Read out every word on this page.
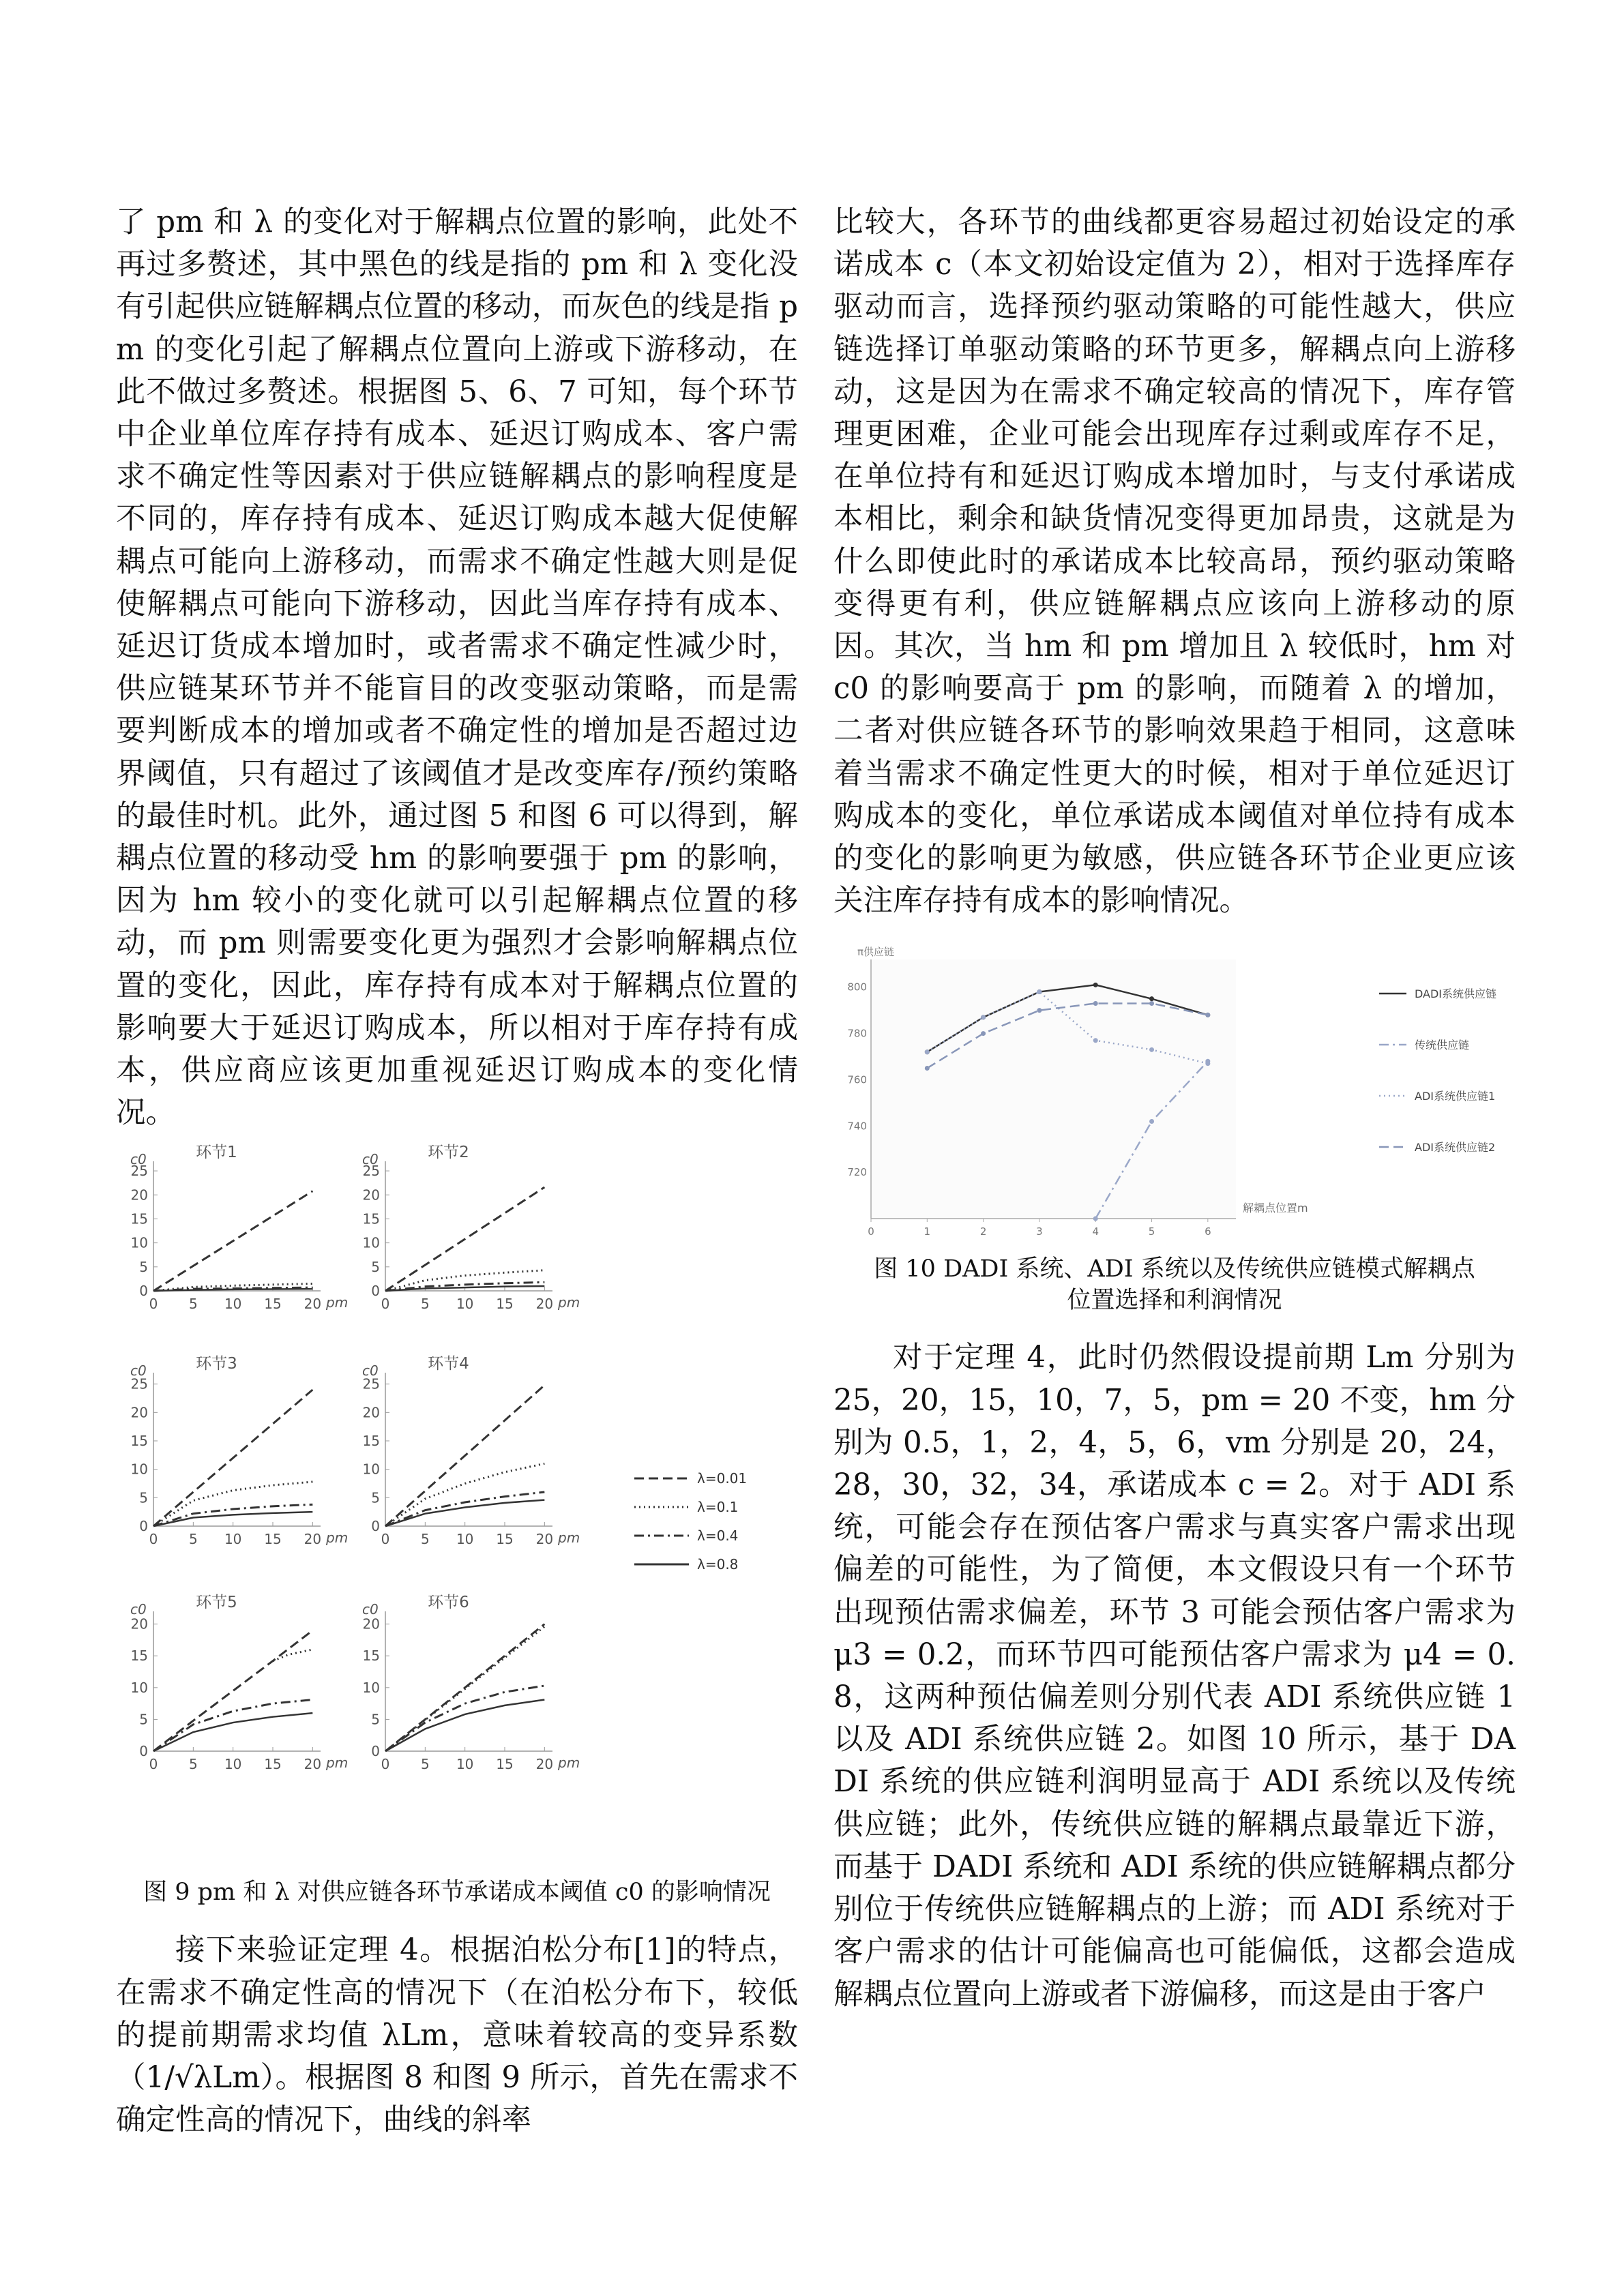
了 pm 和 λ 的变化对于解耦点位置的影响，此处不再过多赘述，其中黑色的线是指的 pm 和 λ 变化没有引起供应链解耦点位置的移动，而灰色的线是指 pm 的变化引起了解耦点位置向上游或下游移动，在此不做过多赘述。根据图 5、6、7 可知，每个环节中企业单位库存持有成本、延迟订购成本、客户需求不确定性等因素对于供应链解耦点的影响程度是不同的，库存持有成本、延迟订购成本越大促使解耦点可能向上游移动，而需求不确定性越大则是促使解耦点可能向下游移动，因此当库存持有成本、延迟订货成本增加时，或者需求不确定性减少时，供应链某环节并不能盲目的改变驱动策略，而是需要判断成本的增加或者不确定性的增加是否超过边界阈值，只有超过了该阈值才是改变库存/预约策略的最佳时机。此外，通过图 5 和图 6 可以得到，解耦点位置的移动受 hm 的影响要强于 pm 的影响，因为 hm 较小的变化就可以引起解耦点位置的移动，而 pm 则需要变化更为强烈才会影响解耦点位置的变化，因此，库存持有成本对于解耦点位置的影响要大于延迟订购成本，所以相对于库存持有成本，供应商应该更加重视延迟订购成本的变化情况。

环节1
c0
pm
0
5
10
15
20
25
0 5 10 15 20
环节2
c0
pm
0
5
10
15
20
25
0 5 10 15 20
环节3
c0
pm
0
5
10
15
20
25
0 5 10 15 20
环节4
c0
pm
0
5
10
15
20
25
0 5 10 15 20
环节5
c0
pm
0
5
10
15
20
0 5 10 15 20
环节6
c0
pm
0
5
10
15
20
0 5 10 15 20
λ=0.01
λ=0.1
λ=0.4
λ=0.8

图 9 pm 和 λ 对供应链各环节承诺成本阈值 c0 的影响情况

接下来验证定理 4。根据泊松分布[1]的特点，在需求不确定性高的情况下（在泊松分布下，较低的提前期需求均值 λLm，意味着较高的变异系数（1/√λLm）。根据图 8 和图 9 所示，首先在需求不确定性高的情况下，曲线的斜率

比较大，各环节的曲线都更容易超过初始设定的承诺成本 c（本文初始设定值为 2），相对于选择库存驱动而言，选择预约驱动策略的可能性越大，供应链选择订单驱动策略的环节更多，解耦点向上游移动，这是因为在需求不确定较高的情况下，库存管理更困难，企业可能会出现库存过剩或库存不足，在单位持有和延迟订购成本增加时，与支付承诺成本相比，剩余和缺货情况变得更加昂贵，这就是为什么即使此时的承诺成本比较高昂，预约驱动策略变得更有利，供应链解耦点应该向上游移动的原因。其次，当 hm 和 pm 增加且 λ 较低时，hm 对 c0 的影响要高于 pm 的影响，而随着 λ 的增加，二者对供应链各环节的影响效果趋于相同，这意味着当需求不确定性更大的时候，相对于单位延迟订购成本的变化，单位承诺成本阈值对单位持有成本的变化的影响更为敏感，供应链各环节企业更应该关注库存持有成本的影响情况。

π供应链
解耦点位置m
720
740
760
780
800
0	1	2	3	4	5	6
DADI系统供应链
传统供应链
ADI系统供应链1
ADI系统供应链2

图 10 DADI 系统、ADI 系统以及传统供应链模式解耦点

位置选择和利润情况

对于定理 4，此时仍然假设提前期 Lm 分别为 25，20，15，10，7，5，pm = 20 不变，hm 分别为 0.5，1，2，4，5，6，vm 分别是 20，24，28，30，32，34，承诺成本 c = 2。对于 ADI 系统，可能会存在预估客户需求与真实客户需求出现偏差的可能性，为了简便，本文假设只有一个环节出现预估需求偏差，环节 3 可能会预估客户需求为 μ3 = 0.2，而环节四可能预估客户需求为 μ4 = 0.8，这两种预估偏差则分别代表 ADI 系统供应链 1 以及 ADI 系统供应链 2。如图 10 所示，基于 DADI 系统的供应链利润明显高于 ADI 系统以及传统供应链；此外，传统供应链的解耦点最靠近下游，而基于 DADI 系统和 ADI 系统的供应链解耦点都分别位于传统供应链解耦点的上游；而 ADI 系统对于客户需求的估计可能偏高也可能偏低，这都会造成解耦点位置向上游或者下游偏移，而这是由于客户
